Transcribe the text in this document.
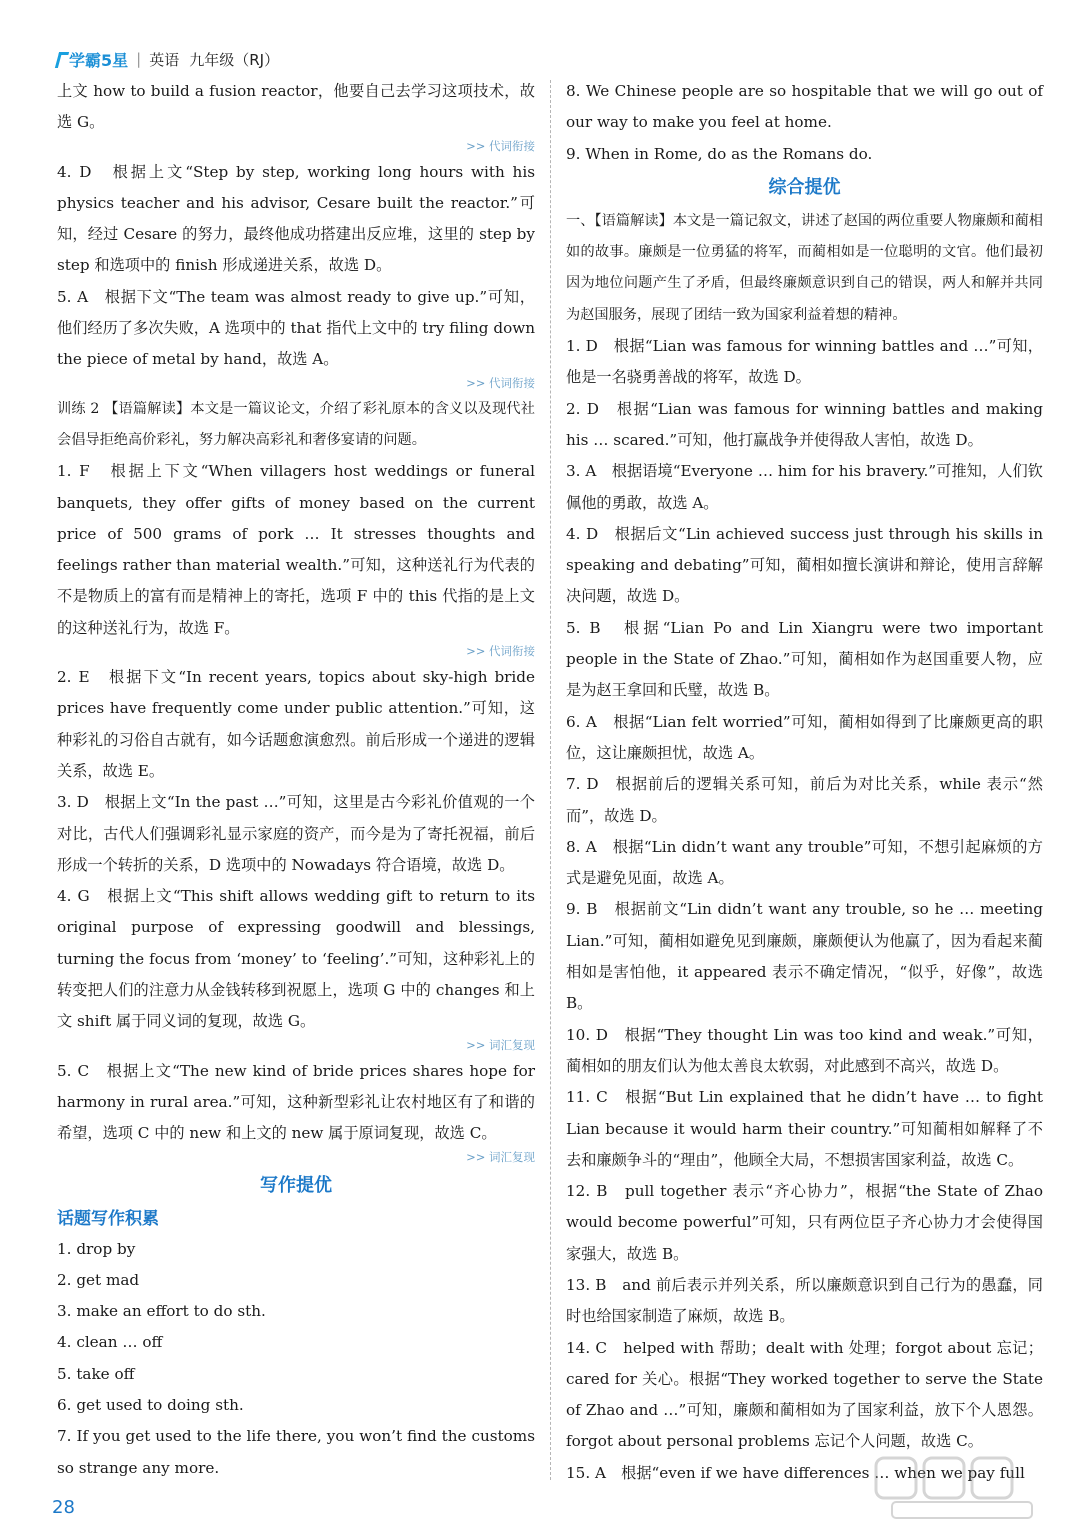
学霸5星 | 英语 九年级（RJ）

上文 how to build a fusion reactor，他要自己去学习这项技术，故选 G。

>> 代词衔接

4. D　根据上文“Step by step, working long hours with his physics teacher and his advisor, Cesare built the reactor.”可知，经过 Cesare 的努力，最终他成功搭建出反应堆，这里的 step by step 和选项中的 finish 形成递进关系，故选 D。

5. A　根据下文“The team was almost ready to give up.”可知，他们经历了多次失败，A 选项中的 that 指代上文中的 try filing down the piece of metal by hand，故选 A。

>> 代词衔接

训练 2 【语篇解读】本文是一篇议论文，介绍了彩礼原本的含义以及现代社会倡导拒绝高价彩礼，努力解决高彩礼和奢侈宴请的问题。

1. F　根据上下文“When villagers host weddings or funeral banquets, they offer gifts of money based on the current price of 500 grams of pork … It stresses thoughts and feelings rather than material wealth.”可知，这种送礼行为代表的不是物质上的富有而是精神上的寄托，选项 F 中的 this 代指的是上文的这种送礼行为，故选 F。

>> 代词衔接

2. E　根据下文“In recent years, topics about sky-high bride prices have frequently come under public attention.”可知，这种彩礼的习俗自古就有，如今话题愈演愈烈。前后形成一个递进的逻辑关系，故选 E。

3. D　根据上文“In the past …”可知，这里是古今彩礼价值观的一个对比，古代人们强调彩礼显示家庭的资产，而今是为了寄托祝福，前后形成一个转折的关系，D 选项中的 Nowadays 符合语境，故选 D。

4. G　根据上文“This shift allows wedding gift to return to its original purpose of expressing goodwill and blessings, turning the focus from ‘money’ to ‘feeling’.”可知，这种彩礼上的转变把人们的注意力从金钱转移到祝愿上，选项 G 中的 changes 和上文 shift 属于同义词的复现，故选 G。

>> 词汇复现

5. C　根据上文“The new kind of bride prices shares hope for harmony in rural area.”可知，这种新型彩礼让农村地区有了和谐的希望，选项 C 中的 new 和上文的 new 属于原词复现，故选 C。

>> 词汇复现
写作提优
话题写作积累

1. drop by

2. get mad

3. make an effort to do sth.

4. clean … off

5. take off

6. get used to doing sth.

7. If you get used to the life there, you won’t find the customs so strange any more.

8. We Chinese people are so hospitable that we will go out of our way to make you feel at home.

9. When in Rome, do as the Romans do.

综合提优

一、【语篇解读】本文是一篇记叙文，讲述了赵国的两位重要人物廉颇和蔺相如的故事。廉颇是一位勇猛的将军，而蔺相如是一位聪明的文官。他们最初因为地位问题产生了矛盾，但最终廉颇意识到自己的错误，两人和解并共同为赵国服务，展现了团结一致为国家利益着想的精神。

1. D　根据“Lian was famous for winning battles and …”可知，他是一名骁勇善战的将军，故选 D。

2. D　根据“Lian was famous for winning battles and making his … scared.”可知，他打赢战争并使得敌人害怕，故选 D。

3. A　根据语境“Everyone … him for his bravery.”可推知，人们钦佩他的勇敢，故选 A。

4. D　根据后文“Lin achieved success just through his skills in speaking and debating”可知，蔺相如擅长演讲和辩论，使用言辞解决问题，故选 D。

5. B　根据“Lian Po and Lin Xiangru were two important people in the State of Zhao.”可知，蔺相如作为赵国重要人物，应是为赵王拿回和氏璧，故选 B。

6. A　根据“Lian felt worried”可知，蔺相如得到了比廉颇更高的职位，这让廉颇担忧，故选 A。

7. D　根据前后的逻辑关系可知，前后为对比关系，while 表示“然而”，故选 D。

8. A　根据“Lin didn’t want any trouble”可知，不想引起麻烦的方式是避免见面，故选 A。

9. B　根据前文“Lin didn’t want any trouble, so he … meeting Lian.”可知，蔺相如避免见到廉颇，廉颇便认为他赢了，因为看起来蔺相如是害怕他，it appeared 表示不确定情况，“似乎，好像”，故选 B。

10. D　根据“They thought Lin was too kind and weak.”可知，蔺相如的朋友们认为他太善良太软弱，对此感到不高兴，故选 D。

11. C　根据“But Lin explained that he didn’t have … to fight Lian because it would harm their country.”可知蔺相如解释了不去和廉颇争斗的“理由”，他顾全大局，不想损害国家利益，故选 C。

12. B　pull together 表示“齐心协力”，根据“the State of Zhao would become powerful”可知，只有两位臣子齐心协力才会使得国家强大，故选 B。

13. B　and 前后表示并列关系，所以廉颇意识到自己行为的愚蠢，同时也给国家制造了麻烦，故选 B。

14. C　helped with 帮助；dealt with 处理；forgot about 忘记；cared for 关心。根据“They worked together to serve the State of Zhao and …”可知，廉颇和蔺相如为了国家利益，放下个人恩怨。forgot about personal problems 忘记个人问题，故选 C。

15. A　根据“even if we have differences … when we pay full

28
